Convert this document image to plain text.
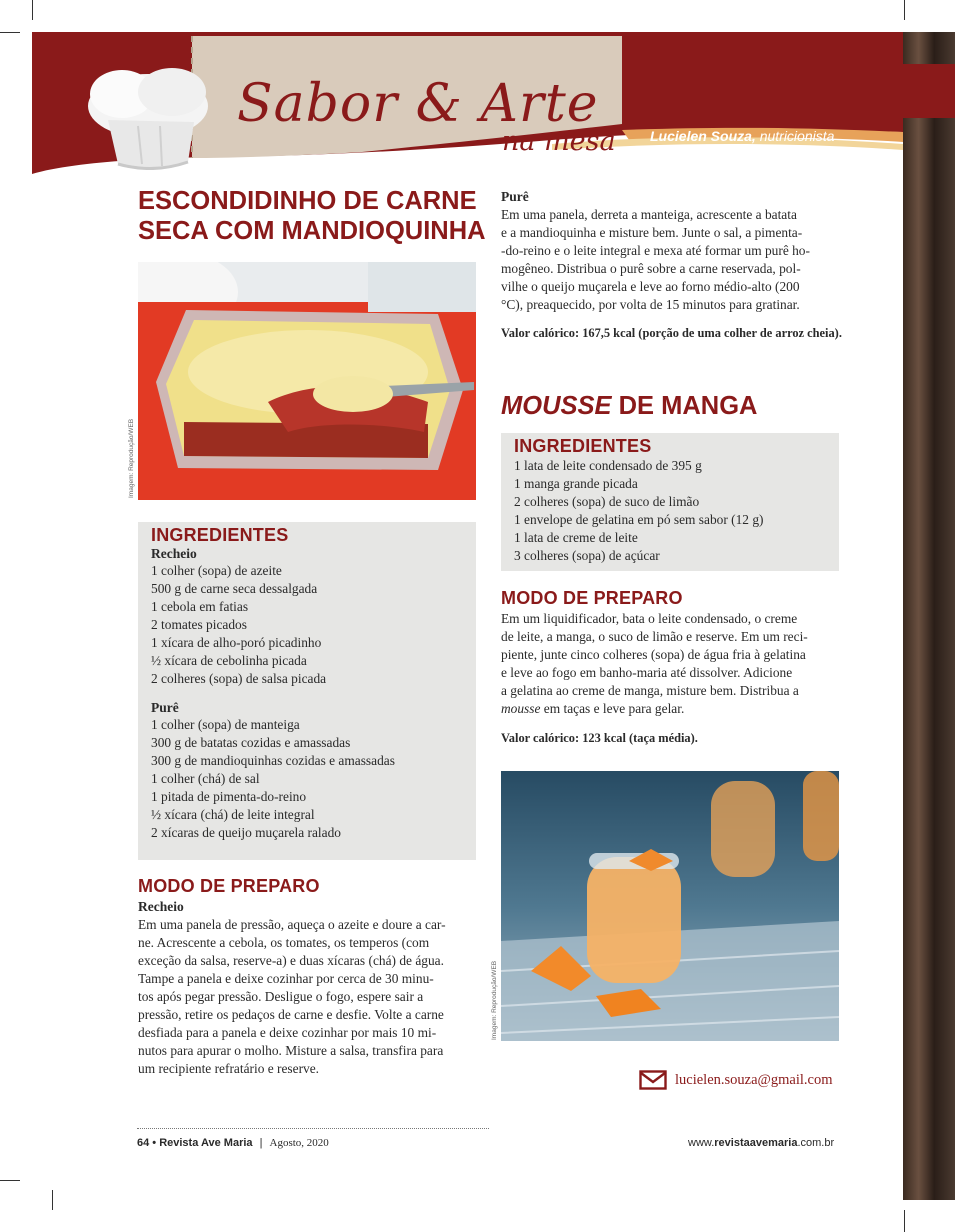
Sabor & Arte
na mesa Lucielen Souza, nutricionista
ESCONDIDINHO DE CARNE
SECA COM MANDIOQUINHA
Imagem: Reprodução/WEB
INGREDIENTES
Recheio
1 colher (sopa) de azeite
500 g de carne seca dessalgada
1 cebola em fatias
2 tomates picados
1 xícara de alho-poró picadinho
½ xícara de cebolinha picada
2 colheres (sopa) de salsa picada
Purê
1 colher (sopa) de manteiga
300 g de batatas cozidas e amassadas
300 g de mandioquinhas cozidas e amassadas
1 colher (chá) de sal
1 pitada de pimenta-do-reino
½ xícara (chá) de leite integral
2 xícaras de queijo muçarela ralado
MODO DE PREPARO
Recheio

Em uma panela de pressão, aqueça o azeite e doure a car-

ne. Acrescente a cebola, os tomates, os temperos (com

exceção da salsa, reserve-a) e duas xícaras (chá) de água.

Tampe a panela e deixe cozinhar por cerca de 30 minu-

tos após pegar pressão. Desligue o fogo, espere sair a

pressão, retire os pedaços de carne e desfie. Volte a carne

desfiada para a panela e deixe cozinhar por mais 10 mi-

nutos para apurar o molho. Misture a salsa, transfira para

um recipiente refratário e reserve.

Purê

Em uma panela, derreta a manteiga, acrescente a batata

e a mandioquinha e misture bem. Junte o sal, a pimenta-

-do-reino e o leite integral e mexa até formar um purê ho-

mogêneo. Distribua o purê sobre a carne reservada, pol-

vilhe o queijo muçarela e leve ao forno médio-alto (200

°C), preaquecido, por volta de 15 minutos para gratinar.

Valor calórico: 167,5 kcal (porção de uma colher de arroz cheia).
MOUSSE DE MANGA
INGREDIENTES
1 lata de leite condensado de 395 g
1 manga grande picada
2 colheres (sopa) de suco de limão
1 envelope de gelatina em pó sem sabor (12 g)
1 lata de creme de leite
3 colheres (sopa) de açúcar
MODO DE PREPARO

Em um liquidificador, bata o leite condensado, o creme

de leite, a manga, o suco de limão e reserve. Em um reci-

piente, junte cinco colheres (sopa) de água fria à gelatina

e leve ao fogo em banho-maria até dissolver. Adicione

a gelatina ao creme de manga, misture bem. Distribua a

mousse em taças e leve para gelar.

Valor calórico: 123 kcal (taça média).
Imagem: Reprodução/WEB
lucielen.souza@gmail.com
64 • Revista Ave Maria | Agosto, 2020	www.revistaavemaria.com.br
